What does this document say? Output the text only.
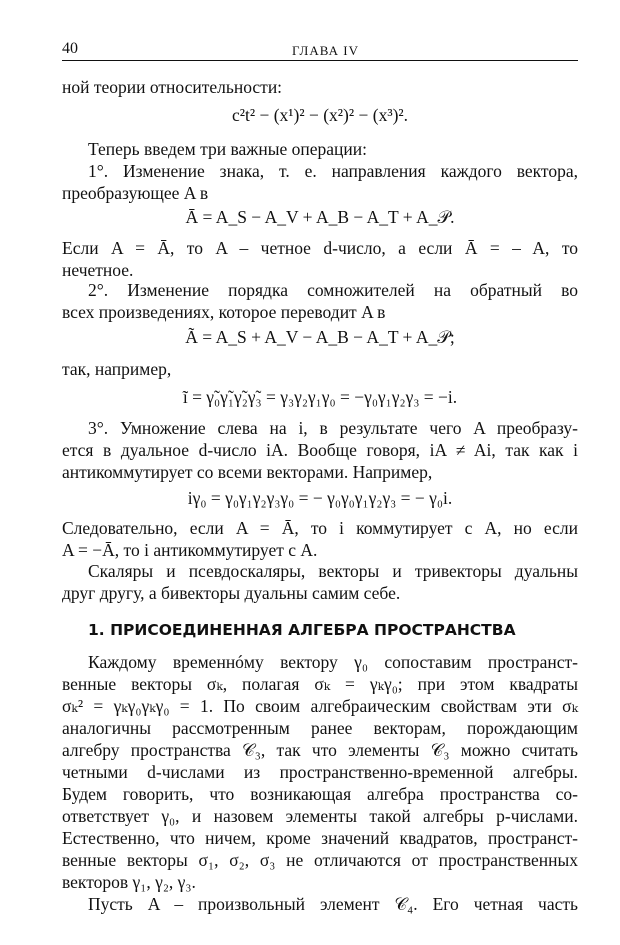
40	ГЛАВА IV
ной теории относительности:
c²t² − (x¹)² − (x²)² − (x³)².
Теперь введем три важные операции:
1°. Изменение знака, т. е. направления каждого вектора,
преобразующее A в
Ā = A_S − A_V + A_B − A_T + A_𝒫.
Если A = Ā, то A – четное d-число, а если Ā = – A, то
нечетное.
2°. Изменение порядка сомножителей на обратный во
всех произведениях, которое переводит A в
Ã = A_S + A_V − A_B − A_T + A_𝒫;
так, например,
ĩ = γ̃₀γ̃₁γ̃₂γ̃₃ = γ₃γ₂γ₁γ₀ = −γ₀γ₁γ₂γ₃ = −i.
3°. Умножение слева на i, в результате чего A преобразу-
ется в дуальное d-число iA. Вообще говоря, iA ≠ Ai, так как i
антикоммутирует со всеми векторами. Например,
iγ₀ = γ₀γ₁γ₂γ₃γ₀ = − γ₀γ₀γ₁γ₂γ₃ = − γ₀i.
Следовательно, если A = Ā, то i коммутирует с A, но если
A = −Ā, то i антикоммутирует с A.
Скаляры и псевдоскаляры, векторы и тривекторы дуальны
друг другу, а бивекторы дуальны самим себе.
1. ПРИСОЕДИНЕННАЯ АЛГЕБРА ПРОСТРАНСТВА
Каждому временнóму вектору γ₀ сопоставим пространст-
венные векторы σₖ, полагая σₖ = γₖγ₀; при этом квадраты
σₖ² = γₖγ₀γₖγ₀ = 1. По своим алгебраическим свойствам эти σₖ
аналогичны рассмотренным ранее векторам, порождающим
алгебру пространства 𝒞₃, так что элементы 𝒞₃ можно считать
четными d-числами из пространственно-временной алгебры.
Будем говорить, что возникающая алгебра пространства со-
ответствует γ₀, и назовем элементы такой алгебры p-числами.
Естественно, что ничем, кроме значений квадратов, пространст-
венные векторы σ₁, σ₂, σ₃ не отличаются от пространственных
векторов γ₁, γ₂, γ₃.
Пусть A – произвольный элемент 𝒞₄. Его четная часть
